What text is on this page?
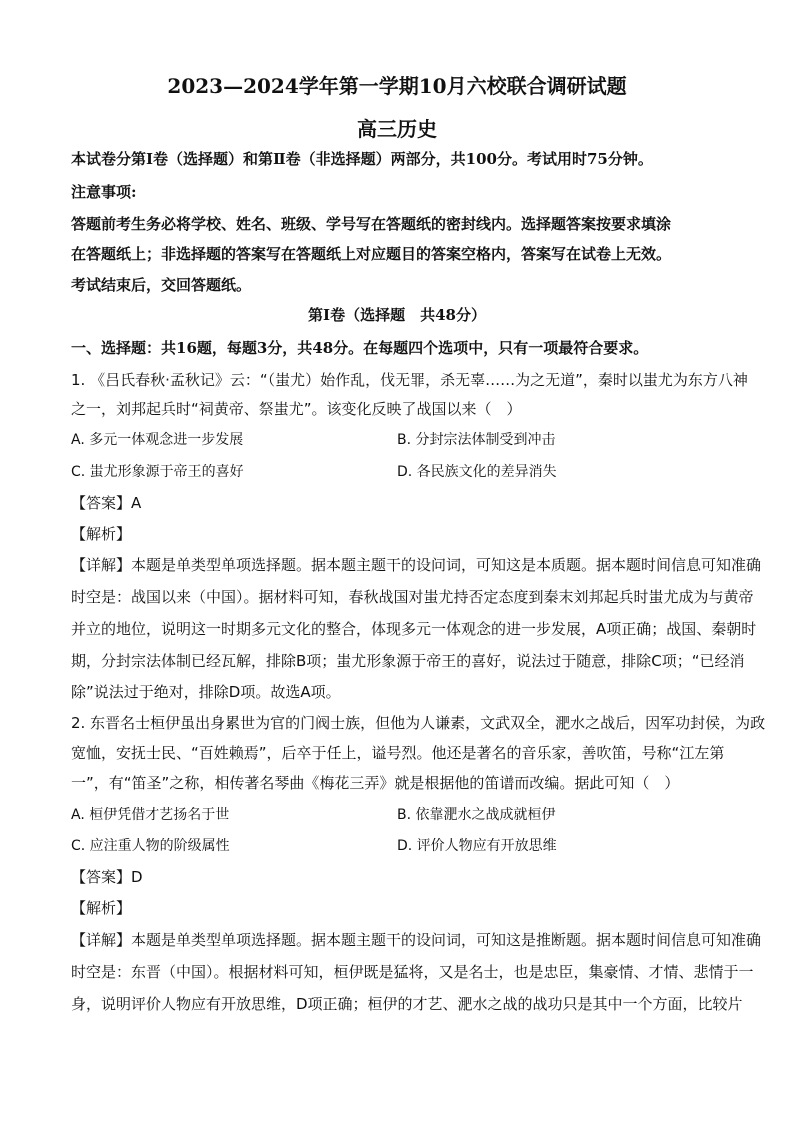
2023—2024学年第一学期10月六校联合调研试题
高三历史
本试卷分第Ⅰ卷（选择题）和第Ⅱ卷（非选择题）两部分，共100分。考试用时75分钟。
注意事项:
答题前考生务必将学校、姓名、班级、学号写在答题纸的密封线内。选择题答案按要求填涂
在答题纸上；非选择题的答案写在答题纸上对应题目的答案空格内，答案写在试卷上无效。
考试结束后，交回答题纸。
第Ⅰ卷（选择题　共48分）
一、选择题：共16题，每题3分，共48分。在每题四个选项中，只有一项最符合要求。
1. 《吕氏春秋·孟秋记》云：“（蚩尤）始作乱，伐无罪，杀无辜……为之无道”，秦时以蚩尤为东方八神
之一，刘邦起兵时“祠黄帝、祭蚩尤”。该变化反映了战国以来（　）
A. 多元一体观念进一步发展	B. 分封宗法体制受到冲击
C. 蚩尤形象源于帝王的喜好	D. 各民族文化的差异消失
【答案】A
【解析】
【详解】本题是单类型单项选择题。据本题主题干的设问词，可知这是本质题。据本题时间信息可知准确
时空是：战国以来（中国）。据材料可知，春秋战国对蚩尤持否定态度到秦末刘邦起兵时蚩尤成为与黄帝
并立的地位，说明这一时期多元文化的整合，体现多元一体观念的进一步发展，A项正确；战国、秦朝时
期，分封宗法体制已经瓦解，排除B项；蚩尤形象源于帝王的喜好，说法过于随意，排除C项；“已经消
除”说法过于绝对，排除D项。故选A项。
2. 东晋名士桓伊虽出身累世为官的门阀士族，但他为人谦素，文武双全，淝水之战后，因军功封侯，为政
宽恤，安抚士民、“百姓赖焉”，后卒于任上，谥号烈。他还是著名的音乐家，善吹笛，号称“江左第
一”，有“笛圣”之称，相传著名琴曲《梅花三弄》就是根据他的笛谱而改编。据此可知（　）
A. 桓伊凭借才艺扬名于世	B. 依靠淝水之战成就桓伊
C. 应注重人物的阶级属性	D. 评价人物应有开放思维
【答案】D
【解析】
【详解】本题是单类型单项选择题。据本题主题干的设问词，可知这是推断题。据本题时间信息可知准确
时空是：东晋（中国）。根据材料可知，桓伊既是猛将，又是名士，也是忠臣，集豪情、才情、悲情于一
身，说明评价人物应有开放思维，D项正确；桓伊的才艺、淝水之战的战功只是其中一个方面，比较片
